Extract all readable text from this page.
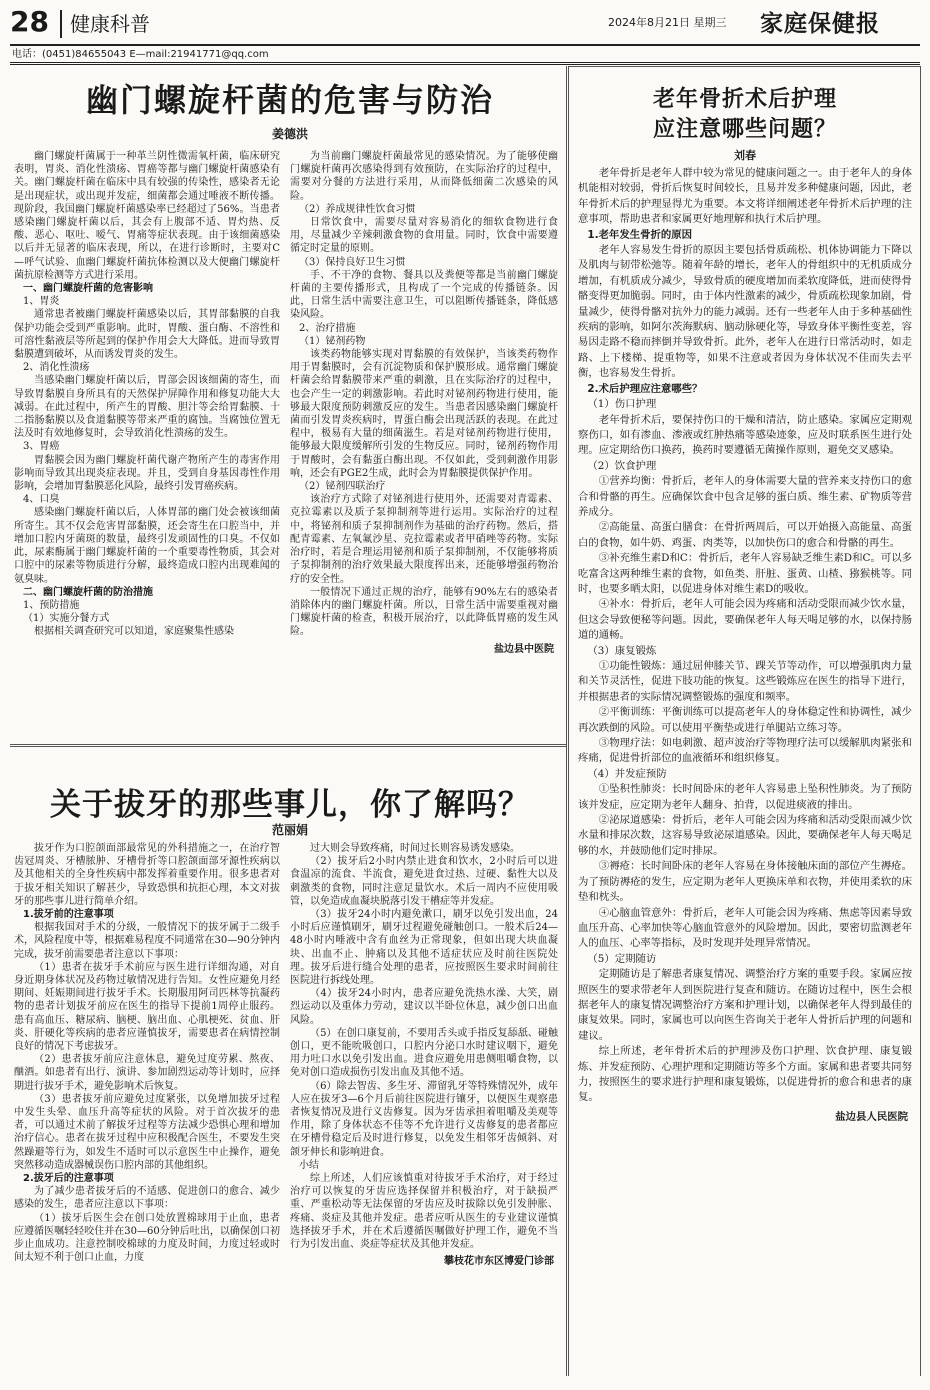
28 健康科普	2024年8月21日 星期三 家庭保健报
电话：(0451)84655043 E—mail:21941771@qq.com
幽门螺旋杆菌的危害与防治
姜德洪

幽门螺旋杆菌属于一种革兰阴性微需氧杆菌，临床研究表明，胃炎、消化性溃疡、胃癌等都与幽门螺旋杆菌感染有关。幽门螺旋杆菌在临床中具有较强的传染性，感染者无论是出现症状，或出现并发症，细菌都会通过唾液不断传播。现阶段，我国幽门螺旋杆菌感染率已经超过了56%。当患者感染幽门螺旋杆菌以后，其会有上腹部不适、胃灼热、反酸、恶心、呕吐、嗳气、胃痛等症状表现。由于该细菌感染以后并无显著的临床表现，所以，在进行诊断时，主要对C—呼气试验、血幽门螺旋杆菌抗体检测以及大便幽门螺旋杆菌抗原检测等方式进行采用。

一、幽门螺旋杆菌的危害影响

1、胃炎

通常患者被幽门螺旋杆菌感染以后，其胃部黏膜的自我保护功能会受到严重影响。此时，胃酸、蛋白酶、不溶性和可溶性黏液层等所起到的保护作用会大大降低。进而导致胃黏膜遭到破坏，从而诱发胃炎的发生。

2、消化性溃疡

当感染幽门螺旋杆菌以后，胃部会因该细菌的寄生，而导致胃黏膜自身所具有的天然保护屏障作用和修复功能大大减弱。在此过程中，所产生的胃酸、胆汁等会给胃黏膜、十二指肠黏膜以及食道黏膜等带来严重的腐蚀。当腐蚀位置无法及时有效地修复时，会导致消化性溃疡的发生。

3、胃癌

胃黏膜会因为幽门螺旋杆菌代谢产物所产生的毒害作用影响而导致其出现炎症表现。并且，受到自身基因毒性作用影响，会增加胃黏膜恶化风险，最终引发胃癌疾病。

4、口臭

感染幽门螺旋杆菌以后，人体胃部的幽门处会被该细菌所寄生。其不仅会危害胃部黏膜，还会寄生在口腔当中，并增加口腔内牙菌斑的数量，最终引发顽固性的口臭。不仅如此，尿素酶属于幽门螺旋杆菌的一个重要毒性物质，其会对口腔中的尿素等物质进行分解，最终造成口腔内出现难闻的氨臭味。

二、幽门螺旋杆菌的防治措施

1、预防措施

（1）实施分餐方式

根据相关调查研究可以知道，家庭聚集性感染

为当前幽门螺旋杆菌最常见的感染情况。为了能够使幽门螺旋杆菌再次感染得到有效预防，在实际治疗的过程中，需要对分餐的方法进行采用，从而降低细菌二次感染的风险。

（2）养成规律性饮食习惯

日常饮食中，需要尽量对容易消化的细软食物进行食用，尽量减少辛辣刺激食物的食用量。同时，饮食中需要遵循定时定量的原则。

（3）保持良好卫生习惯

手、不干净的食物、餐具以及粪便等都是当前幽门螺旋杆菌的主要传播形式，且构成了一个完成的传播链条。因此，日常生活中需要注意卫生，可以阻断传播链条，降低感染风险。

2、治疗措施

（1）铋剂药物

该类药物能够实现对胃黏膜的有效保护，当该类药物作用于胃黏膜时，会有沉淀物质和保护膜形成。通常幽门螺旋杆菌会给胃黏膜带来严重的刺激，且在实际治疗的过程中，也会产生一定的刺激影响。若此时对铋剂药物进行使用，能够最大限度预防刺激反应的发生。当患者因感染幽门螺旋杆菌而引发胃炎疾病时，胃蛋白酶会出现活跃的表现。在此过程中，极易有大量的细菌滋生。若是对铋剂药物进行使用，能够最大限度缓解所引发的生物反应。同时，铋剂药物作用于胃酸时，会有黏蛋白酶出现。不仅如此，受到刺激作用影响，还会有PGE2生成，此时会为胃黏膜提供保护作用。

（2）铋剂四联治疗

该治疗方式除了对铋剂进行使用外，还需要对青霉素、克拉霉素以及质子泵抑制剂等进行运用。实际治疗的过程中，将铋剂和质子泵抑制剂作为基础的治疗药物。然后，搭配青霉素、左氧氟沙星、克拉霉素或者甲硝唑等药物。实际治疗时，若是合理运用铋剂和质子泵抑制剂，不仅能够将质子泵抑制剂的治疗效果最大限度挥出来，还能够增强药物治疗的安全性。

一般情况下通过正规的治疗，能够有90%左右的感染者消除体内的幽门螺旋杆菌。所以，日常生活中需要重视对幽门螺旋杆菌的检查，积极开展治疗，以此降低胃癌的发生风险。

盐边县中医院

关于拔牙的那些事儿，你了解吗？
范丽娟

拔牙作为口腔颌面部最常见的外科措施之一，在治疗智齿冠周炎、牙槽脓肿、牙槽骨折等口腔颌面部牙源性疾病以及其他相关的全身性疾病中都发挥着重要作用。很多患者对于拔牙相关知识了解甚少，导致恐惧和抗拒心理，本文对拔牙的那些事儿进行简单介绍。

1.拔牙前的注意事项

根据我国对手术的分级，一般情况下的拔牙属于二级手术，风险程度中等，根据难易程度不同通常在30—90分钟内完成，拔牙前需要患者注意以下事项：

（1）患者在拔牙手术前应与医生进行详细沟通，对自身近期身体状况及药物过敏情况进行告知。女性应避免月经期间、妊娠期间进行拔牙手术。长期服用阿司匹林等抗凝药物的患者计划拔牙前应在医生的指导下提前1周停止服药。患有高血压、糖尿病、脑梗、脑出血、心肌梗死、贫血、肝炎、肝硬化等疾病的患者应谨慎拔牙，需要患者在病情控制良好的情况下考虑拔牙。

（2）患者拔牙前应注意休息，避免过度劳累、熬夜、酗酒。如患者有出行、演讲、参加剧烈运动等计划时，应择期进行拔牙手术，避免影响术后恢复。

（3）患者拔牙前应避免过度紧张，以免增加拔牙过程中发生头晕、血压升高等症状的风险。对于首次拔牙的患者，可以通过术前了解拔牙过程等方法减少恐惧心理和增加治疗信心。患者在拔牙过程中应积极配合医生，不要发生突然躁避等行为，如发生不适时可以示意医生中止操作，避免突然移动造成器械误伤口腔内部的其他组织。

2.拔牙后的注意事项

为了减少患者拔牙后的不适感、促进创口的愈合、减少感染的发生，患者应注意以下事项：

（1）拔牙后医生会在创口处放置棉球用于止血，患者应遵循医嘱轻轻咬住并在30—60分钟后吐出，以确保创口初步止血成功。注意控制咬棉球的力度及时间，力度过轻或时间太短不利于创口止血，力度

过大则会导致疼痛，时间过长则容易诱发感染。

（2）拔牙后2小时内禁止进食和饮水，2小时后可以进食温凉的流食、半流食，避免进食过热、过硬、黏性大以及刺激类的食物，同时注意足量饮水。术后一周内不应使用吸管，以免造成血凝块脱落引发干槽症等并发症。

（3）拔牙24小时内避免漱口，刷牙以免引发出血，24小时后应谨慎刷牙，刷牙过程避免碰触创口。一般术后24—48小时内唾液中含有血丝为正常现象，但如出现大块血凝块、出血不止、肿痛以及其他不适症状应及时前往医院处理。拔牙后进行缝合处理的患者，应按照医生要求时间前往医院进行拆线处理。

（4）拔牙24小时内，患者应避免洗热水澡、大笑，剧烈运动以及重体力劳动，建议以半卧位休息，减少创口出血风险。

（5）在创口康复前，不要用舌头或手指反复舔舐、碰触创口，更不能吮吸创口，口腔内分泌口水时建议咽下，避免用力吐口水以免引发出血。进食应避免用患侧咀嚼食物，以免对创口造成损伤引发出血及其他不适。

（6）除去智齿、多生牙、滞留乳牙等特殊情况外，成年人应在拔牙3—6个月后前往医院进行镶牙，以便医生观察患者恢复情况及进行义齿修复。因为牙齿承担着咀嚼及美观等作用，除了身体状态不佳等不允许进行义齿修复的患者都应在牙槽骨稳定后及时进行修复，以免发生相邻牙齿倾斜、对颌牙伸长和影响进食。

小结

综上所述，人们应该慎重对待拔牙手术治疗，对于经过治疗可以恢复的牙齿应选择保留并积极治疗，对于缺损严重、严重松动等无法保留的牙齿应及时拔除以免引发肿胀、疼痛、炎症及其他并发症。患者应听从医生的专业建议谨慎选择拔牙手术，并在术后遵循医嘱做好护理工作，避免不当行为引发出血、炎症等症状及其他并发症。

攀枝花市东区博爱门诊部

老年骨折术后护理
应注意哪些问题？
刘春

老年骨折是老年人群中较为常见的健康问题之一。由于老年人的身体机能相对较弱，骨折后恢复时间较长，且易并发多种健康问题，因此，老年骨折术后的护理显得尤为重要。本文将详细阐述老年骨折术后护理的注意事项，帮助患者和家属更好地理解和执行术后护理。

1.老年发生骨折的原因

老年人容易发生骨折的原因主要包括骨质疏松、机体协调能力下降以及肌肉与韧带松弛等。随着年龄的增长，老年人的骨组织中的无机质成分增加，有机质成分减少，导致骨质的硬度增加而柔软度降低，进而使得骨骼变得更加脆弱。同时，由于体内性激素的减少，骨质疏松现象加剧，骨量减少，使得骨骼对抗外力的能力减弱。还有一些老年人由于多种基础性疾病的影响，如阿尔茨海默病、脑动脉硬化等，导致身体平衡性变差，容易因走路不稳而摔倒并导致骨折。此外，老年人在进行日常活动时，如走路、上下楼梯、提重物等，如果不注意或者因为身体状况不佳而失去平衡，也容易发生骨折。

2.术后护理应注意哪些？

（1）伤口护理

老年骨折术后，要保持伤口的干燥和清洁，防止感染。家属应定期观察伤口，如有渗血、渗液或红肿热痛等感染迹象，应及时联系医生进行处理。应定期给伤口换药，换药时要遵循无菌操作原则，避免交叉感染。

（2）饮食护理

①营养均衡：骨折后，老年人的身体需要大量的营养来支持伤口的愈合和骨骼的再生。应确保饮食中包含足够的蛋白质、维生素、矿物质等营养成分。

②高能量、高蛋白膳食：在骨折两周后，可以开始摄入高能量、高蛋白的食物，如牛奶、鸡蛋、肉类等，以加快伤口的愈合和骨骼的再生。

③补充维生素D和C：骨折后，老年人容易缺乏维生素D和C。可以多吃富含这两种维生素的食物，如鱼类、肝脏、蛋黄、山楂、猕猴桃等。同时，也要多晒太阳，以促进身体对维生素D的吸收。

④补水：骨折后，老年人可能会因为疼痛和活动受限而减少饮水量，但这会导致便秘等问题。因此，要确保老年人每天喝足够的水，以保持肠道的通畅。

（3）康复锻炼

①功能性锻炼：通过屈伸膝关节、踝关节等动作，可以增强肌肉力量和关节灵活性，促进下肢功能的恢复。这些锻炼应在医生的指导下进行，并根据患者的实际情况调整锻炼的强度和频率。

②平衡训练：平衡训练可以提高老年人的身体稳定性和协调性，减少再次跌倒的风险。可以使用平衡垫或进行单腿站立练习等。

③物理疗法：如电刺激、超声波治疗等物理疗法可以缓解肌肉紧张和疼痛，促进骨折部位的血液循环和组织修复。

（4）并发症预防

①坠积性肺炎：长时间卧床的老年人容易患上坠积性肺炎。为了预防该并发症，应定期为老年人翻身、拍背，以促进痰液的排出。

②泌尿道感染：骨折后，老年人可能会因为疼痛和活动受限而减少饮水量和排尿次数，这容易导致泌尿道感染。因此，要确保老年人每天喝足够的水，并鼓励他们定时排尿。

③褥疮：长时间卧床的老年人容易在身体接触床面的部位产生褥疮。为了预防褥疮的发生，应定期为老年人更换床单和衣物，并使用柔软的床垫和枕头。

④心脑血管意外：骨折后，老年人可能会因为疼痛、焦虑等因素导致血压升高、心率加快等心脑血管意外的风险增加。因此，要密切监测老年人的血压、心率等指标，及时发现并处理异常情况。

（5）定期随访

定期随访是了解患者康复情况、调整治疗方案的重要手段。家属应按照医生的要求带老年人到医院进行复查和随访。在随访过程中，医生会根据老年人的康复情况调整治疗方案和护理计划，以确保老年人得到最佳的康复效果。同时，家属也可以向医生咨询关于老年人骨折后护理的问题和建议。

综上所述，老年骨折术后的护理涉及伤口护理、饮食护理、康复锻炼、并发症预防、心理护理和定期随访等多个方面。家属和患者要共同努力，按照医生的要求进行护理和康复锻炼，以促进骨折的愈合和患者的康复。

盐边县人民医院
